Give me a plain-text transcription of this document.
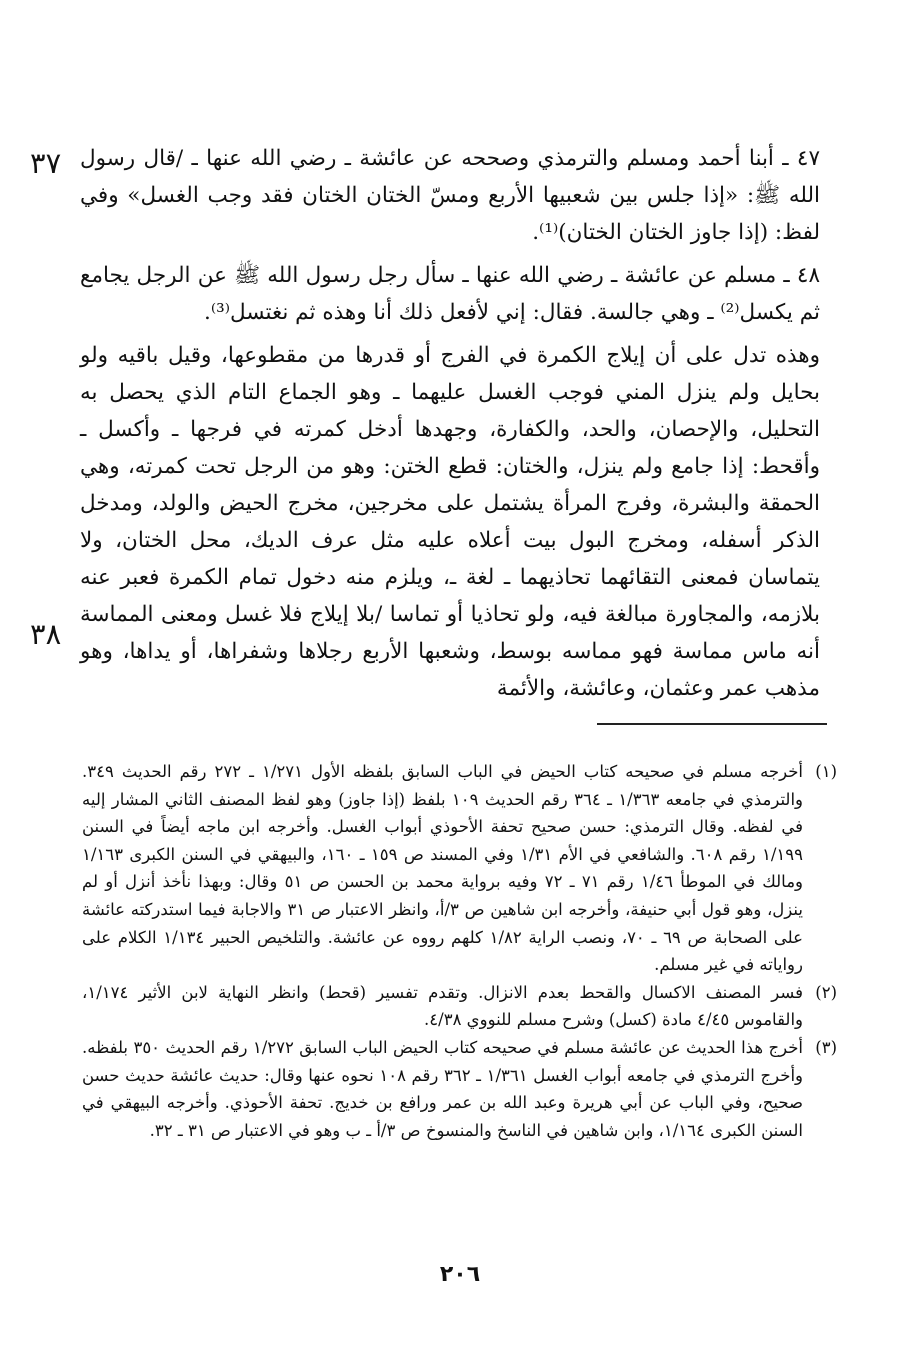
٣٧
٣٨

٤٧ ـ أبنا أحمد ومسلم والترمذي وصححه عن عائشة ـ رضي الله عنها ـ /قال رسول الله ﷺ: «إذا جلس بين شعبيها الأربع ومسّ الختان الختان فقد وجب الغسل» وفي لفظ: (إذا جاوز الختان الختان)⁽¹⁾.

٤٨ ـ مسلم عن عائشة ـ رضي الله عنها ـ سأل رجل رسول الله ﷺ عن الرجل يجامع ثم يكسل⁽²⁾ ـ وهي جالسة. فقال: إني لأفعل ذلك أنا وهذه ثم نغتسل⁽³⁾.

وهذه تدل على أن إيلاج الكمرة في الفرج أو قدرها من مقطوعها، وقيل باقيه ولو بحايل ولم ينزل المني فوجب الغسل عليهما ـ وهو الجماع التام الذي يحصل به التحليل، والإحصان، والحد، والكفارة، وجهدها أدخل كمرته في فرجها ـ وأكسل ـ وأقحط: إذا جامع ولم ينزل، والختان: قطع الختن: وهو من الرجل تحت كمرته، وهي الحمقة والبشرة، وفرج المرأة يشتمل على مخرجين، مخرج الحيض والولد، ومدخل الذكر أسفله، ومخرج البول بيت أعلاه عليه مثل عرف الديك، محل الختان، ولا يتماسان فمعنى التقائهما تحاذيهما ـ لغة ـ، ويلزم منه دخول تمام الكمرة فعبر عنه بلازمه، والمجاورة مبالغة فيه، ولو تحاذيا أو تماسا /بلا إيلاج فلا غسل ومعنى المماسة أنه ماس مماسة فهو مماسه بوسط، وشعبها الأربع رجلاها وشفراها، أو يداها، وهو مذهب عمر وعثمان، وعائشة، والأئمة

(١)
أخرجه مسلم في صحيحه كتاب الحيض في الباب السابق بلفظه الأول ١/٢٧١ ـ ٢٧٢ رقم الحديث ٣٤٩. والترمذي في جامعه ١/٣٦٣ ـ ٣٦٤ رقم الحديث ١٠٩ بلفظ (إذا جاوز) وهو لفظ المصنف الثاني المشار إليه في لفظه. وقال الترمذي: حسن صحيح تحفة الأحوذي أبواب الغسل. وأخرجه ابن ماجه أيضاً في السنن ١/١٩٩ رقم ٦٠٨. والشافعي في الأم ١/٣١ وفي المسند ص ١٥٩ ـ ١٦٠، والبيهقي في السنن الكبرى ١/١٦٣ ومالك في الموطأ ١/٤٦ رقم ٧١ ـ ٧٢ وفيه برواية محمد بن الحسن ص ٥١ وقال: وبهذا نأخذ أنزل أو لم ينزل، وهو قول أبي حنيفة، وأخرجه ابن شاهين ص ٣/أ، وانظر الاعتبار ص ٣١ والاجابة فيما استدركته عائشة على الصحابة ص ٦٩ ـ ٧٠، ونصب الراية ١/٨٢ كلهم رووه عن عائشة. والتلخيص الحبير ١/١٣٤ الكلام على رواياته في غير مسلم.
(٢)
فسر المصنف الاكسال والقحط بعدم الانزال. وتقدم تفسير (قحط) وانظر النهاية لابن الأثير ١/١٧٤، والقاموس ٤/٤٥ مادة (كسل) وشرح مسلم للنووي ٤/٣٨.
(٣)
أخرج هذا الحديث عن عائشة مسلم في صحيحه كتاب الحيض الباب السابق ١/٢٧٢ رقم الحديث ٣٥٠ بلفظه. وأخرج الترمذي في جامعه أبواب الغسل ١/٣٦١ ـ ٣٦٢ رقم ١٠٨ نحوه عنها وقال: حديث عائشة حديث حسن صحيح، وفي الباب عن أبي هريرة وعبد الله بن عمر ورافع بن خديج. تحفة الأحوذي. وأخرجه البيهقي في السنن الكبرى ١/١٦٤، وابن شاهين في الناسخ والمنسوخ ص ٣/أ ـ ب وهو في الاعتبار ص ٣١ ـ ٣٢.
٢٠٦
